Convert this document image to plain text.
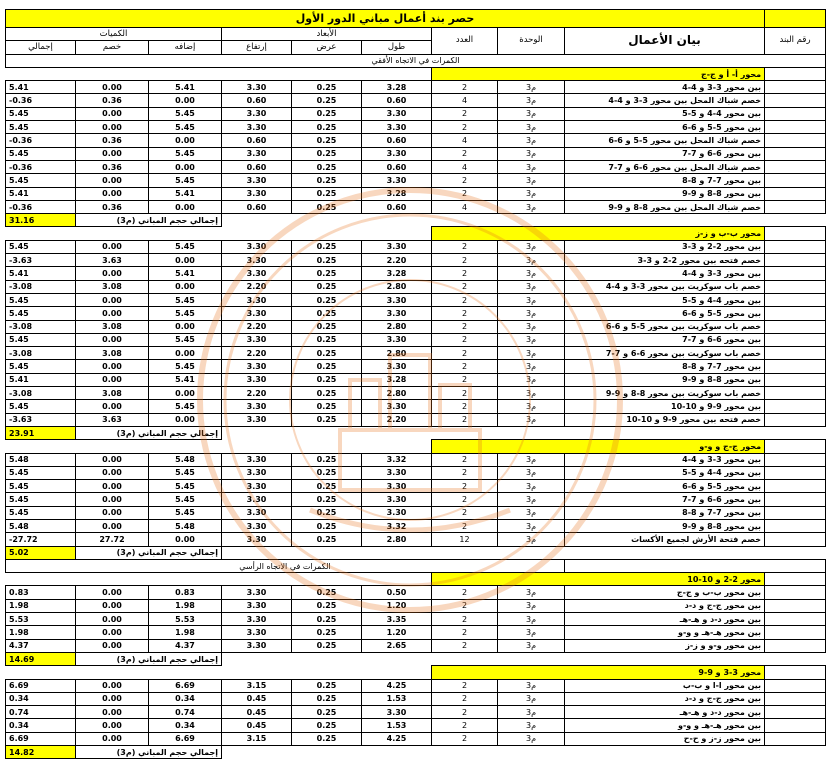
حصر بند أعمال مباني الدور الأول									
الكميات			الأبعاد			العدد	الوحدة	بيان الأعمال	رقم البند
إجمالي	خصم	إضافه	إرتفاع	عرض	طول				
الكمرات في الاتجاه الأفقي									
						محور أ- أ و ج-ج			
5.41	0.00	5.41	3.30	0.25	3.28	2	م3	بين محور 3-3 و 4-4	
-0.36	0.36	0.00	0.60	0.25	0.60	4	م3	خصم شباك المحل بين محور 3-3 و 4-4	
5.45	0.00	5.45	3.30	0.25	3.30	2	م3	بين محور 4-4 و 5-5	
5.45	0.00	5.45	3.30	0.25	3.30	2	م3	بين محور 5-5 و 6-6	
-0.36	0.36	0.00	0.60	0.25	0.60	4	م3	خصم شباك المحل بين محور 5-5 و 6-6	
5.45	0.00	5.45	3.30	0.25	3.30	2	م3	بين محور 6-6 و 7-7	
-0.36	0.36	0.00	0.60	0.25	0.60	4	م3	خصم شباك المحل بين محور 6-6 و 7-7	
5.45	0.00	5.45	3.30	0.25	3.30	2	م3	بين محور 7-7 و 8-8	
5.41	0.00	5.41	3.30	0.25	3.28	2	م3	بين محور 8-8 و 9-9	
-0.36	0.36	0.00	0.60	0.25	0.60	4	م3	خصم شباك المحل بين محور 8-8 و 9-9	
31.16	إجمالي حجم المباني (م3)								
						محور ب-ب و ز-ز			
5.45	0.00	5.45	3.30	0.25	3.30	2	م3	بين محور 2-2 و 3-3	
-3.63	3.63	0.00	3.30	0.25	2.20	2	م3	خصم فتحه بين محور 2-2 و 3-3	
5.41	0.00	5.41	3.30	0.25	3.28	2	م3	بين محور 3-3 و 4-4	
-3.08	3.08	0.00	2.20	0.25	2.80	2	م3	خصم باب سوكريت بين محور 3-3 و 4-4	
5.45	0.00	5.45	3.30	0.25	3.30	2	م3	بين محور 4-4 و 5-5	
5.45	0.00	5.45	3.30	0.25	3.30	2	م3	بين محور 5-5 و 6-6	
-3.08	3.08	0.00	2.20	0.25	2.80	2	م3	خصم باب سوكريت بين محور 5-5 و 6-6	
5.45	0.00	5.45	3.30	0.25	3.30	2	م3	بين محور 6-6 و 7-7	
-3.08	3.08	0.00	2.20	0.25	2.80	2	م3	خصم باب سوكريت بين محور 6-6 و 7-7	
5.45	0.00	5.45	3.30	0.25	3.30	2	م3	بين محور 7-7 و 8-8	
5.41	0.00	5.41	3.30	0.25	3.28	2	م3	بين محور 8-8 و 9-9	
-3.08	3.08	0.00	2.20	0.25	2.80	2	م3	خصم باب سوكريت بين محور 8-8 و 9-9	
5.45	0.00	5.45	3.30	0.25	3.30	2	م3	بين محور 9-9 و 10-10	
-3.63	3.63	0.00	3.30	0.25	2.20	2	م3	خصم فتحه بين محور 9-9 و 10-10	
23.91	إجمالي حجم المباني (م3)								
						محور ج-ج و و-و			
5.48	0.00	5.48	3.30	0.25	3.32	2	م3	بين محور 3-3 و 4-4	
5.45	0.00	5.45	3.30	0.25	3.30	2	م3	بين محور 4-4 و 5-5	
5.45	0.00	5.45	3.30	0.25	3.30	2	م3	بين محور 5-5 و 6-6	
5.45	0.00	5.45	3.30	0.25	3.30	2	م3	بين محور 6-6 و 7-7	
5.45	0.00	5.45	3.30	0.25	3.30	2	م3	بين محور 7-7 و 8-8	
5.48	0.00	5.48	3.30	0.25	3.32	2	م3	بين محور 8-8 و 9-9	
-27.72	27.72	0.00	3.30	0.25	2.80	12	م3	خصم فتحة الأرش لجميع الأكسات	
5.02	إجمالي حجم المباني (م3)								
الكمرات في الاتجاه الرأسي									
						محور 2-2 و 10-10			
0.83	0.00	0.83	3.30	0.25	0.50	2	م3	بين محور ب-ب و ج-ج	
1.98	0.00	1.98	3.30	0.25	1.20	2	م3	بين محور ج-ج و د-د	
5.53	0.00	5.53	3.30	0.25	3.35	2	م3	بين محور د-د و هـ-هـ	
1.98	0.00	1.98	3.30	0.25	1.20	2	م3	بين محور هـ-هـ و و-و	
4.37	0.00	4.37	3.30	0.25	2.65	2	م3	بين محور و-و و ز-ز	
14.69	إجمالي حجم المباني (م3)								
						محور 3-3 و 9-9			
6.69	0.00	6.69	3.15	0.25	4.25	2	م3	بين محور ا-ا و ب-ب	
0.34	0.00	0.34	0.45	0.25	1.53	2	م3	بين محور ج-ج و د-د	
0.74	0.00	0.74	0.45	0.25	3.30	2	م3	بين محور د-د و هـ-هـ	
0.34	0.00	0.34	0.45	0.25	1.53	2	م3	بين محور هـ-هـ و و-و	
6.69	0.00	6.69	3.15	0.25	4.25	2	م3	بين محور ز-ز و ح-ح	
14.82	إجمالي حجم المباني (م3)								
